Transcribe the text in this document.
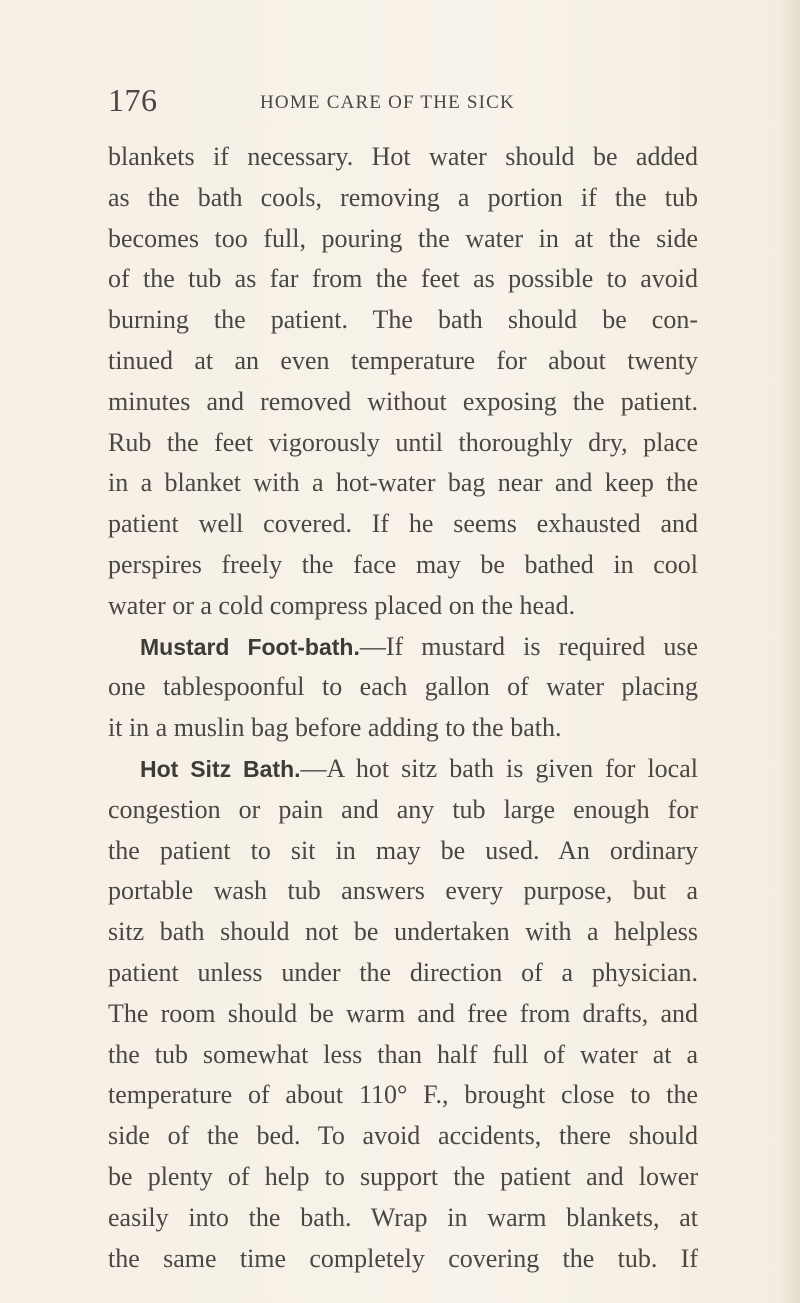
176	HOME CARE OF THE SICK
blankets if necessary. Hot water should be added
as the bath cools, removing a portion if the tub
becomes too full, pouring the water in at the side
of the tub as far from the feet as possible to avoid
burning the patient. The bath should be con-
tinued at an even temperature for about twenty
minutes and removed without exposing the patient.
Rub the feet vigorously until thoroughly dry, place
in a blanket with a hot-water bag near and keep the
patient well covered. If he seems exhausted and
perspires freely the face may be bathed in cool
water or a cold compress placed on the head.
Mustard Foot-bath.—If mustard is required use
one tablespoonful to each gallon of water placing
it in a muslin bag before adding to the bath.
Hot Sitz Bath.—A hot sitz bath is given for local
congestion or pain and any tub large enough for
the patient to sit in may be used. An ordinary
portable wash tub answers every purpose, but a
sitz bath should not be undertaken with a helpless
patient unless under the direction of a physician.
The room should be warm and free from drafts, and
the tub somewhat less than half full of water at a
temperature of about 110° F., brought close to the
side of the bed. To avoid accidents, there should
be plenty of help to support the patient and lower
easily into the bath. Wrap in warm blankets, at
the same time completely covering the tub. If
